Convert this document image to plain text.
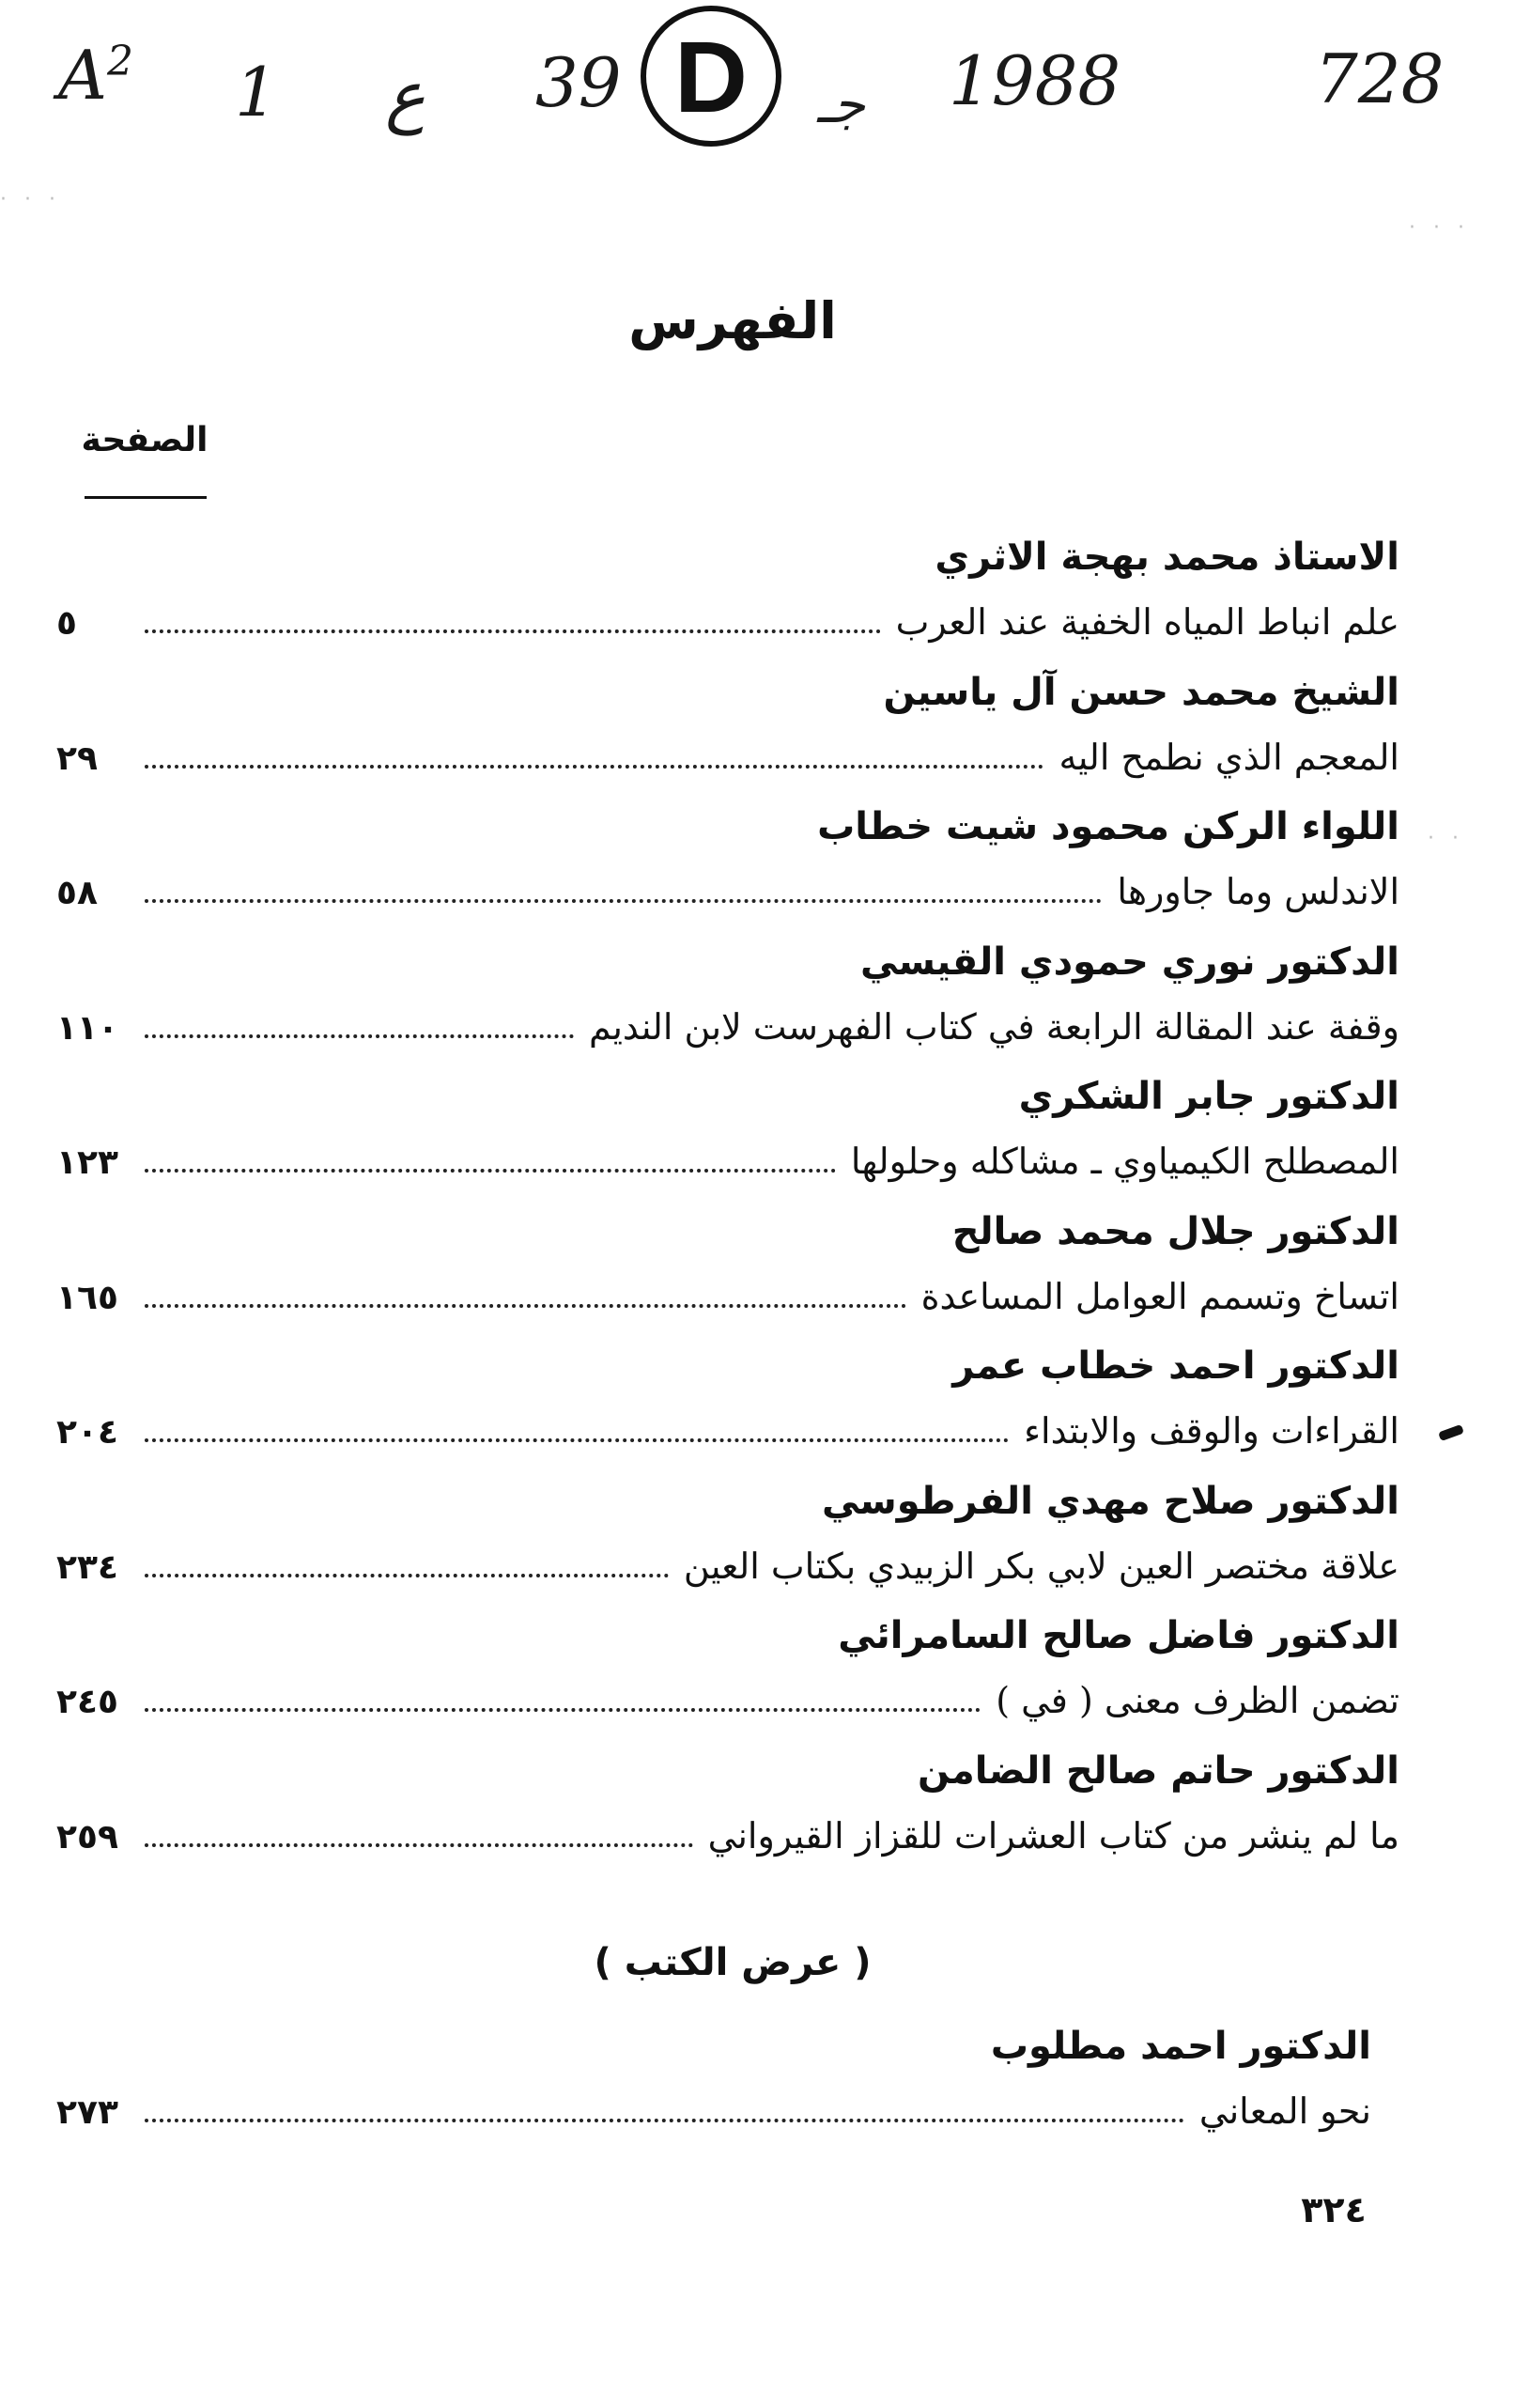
$A^2$ 1 ع 39 D	جـ 1988	728
· · ·
· · ·
· ·
الفهرس
الصفحة
الاستاذ محمد بهجة الاثري
علم انباط المياه الخفية عند العرب
٥
الشيخ محمد حسن آل ياسين
المعجم الذي نطمح اليه
٢٩
اللواء الركن محمود شيت خطاب
الاندلس وما جاورها
٥٨
الدكتور نوري حمودي القيسي
وقفة عند المقالة الرابعة في كتاب الفهرست لابن النديم
١١٠
الدكتور جابر الشكري
المصطلح الكيمياوي ـ مشاكله وحلولها
١٢٣
الدكتور جلال محمد صالح
اتساخ وتسمم العوامل المساعدة
١٦٥
الدكتور احمد خطاب عمر
القراءات والوقف والابتداء
٢٠٤
الدكتور صلاح مهدي الفرطوسي
علاقة مختصر العين لابي بكر الزبيدي بكتاب العين
٢٣٤
الدكتور فاضل صالح السامرائي
تضمن الظرف معنى ( في )
٢٤٥
الدكتور حاتم صالح الضامن
ما لم ينشر من كتاب العشرات للقزاز القيرواني
٢٥٩
( عرض الكتب )
الدكتور احمد مطلوب
نحو المعاني
٢٧٣
٣٢٤
